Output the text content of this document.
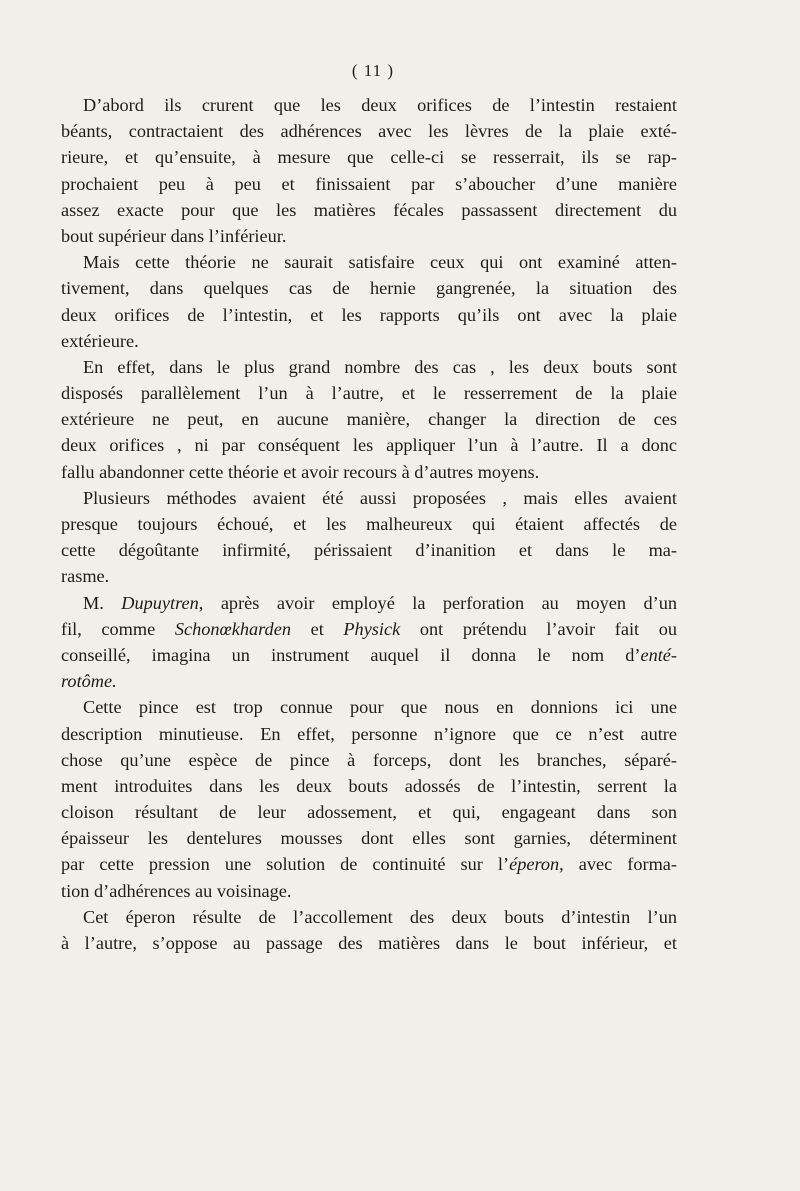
( 11 )
D’abord ils crurent que les deux orifices de l’intestin restaient
béants, contractaient des adhérences avec les lèvres de la plaie exté-
rieure, et qu’ensuite, à mesure que celle-ci se resserrait, ils se rap-
prochaient peu à peu et finissaient par s’aboucher d’une manière
assez exacte pour que les matières fécales passassent directement du
bout supérieur dans l’inférieur.
Mais cette théorie ne saurait satisfaire ceux qui ont examiné atten-
tivement, dans quelques cas de hernie gangrenée, la situation des
deux orifices de l’intestin, et les rapports qu’ils ont avec la plaie
extérieure.
En effet, dans le plus grand nombre des cas , les deux bouts sont
disposés parallèlement l’un à l’autre, et le resserrement de la plaie
extérieure ne peut, en aucune manière, changer la direction de ces
deux orifices , ni par conséquent les appliquer l’un à l’autre. Il a donc
fallu abandonner cette théorie et avoir recours à d’autres moyens.
Plusieurs méthodes avaient été aussi proposées , mais elles avaient
presque toujours échoué, et les malheureux qui étaient affectés de
cette dégoûtante infirmité, périssaient d’inanition et dans le ma-
rasme.
M. Dupuytren, après avoir employé la perforation au moyen d’un
fil, comme Schonœkharden et Physick ont prétendu l’avoir fait ou
conseillé, imagina un instrument auquel il donna le nom d’enté-
rotôme.
Cette pince est trop connue pour que nous en donnions ici une
description minutieuse. En effet, personne n’ignore que ce n’est autre
chose qu’une espèce de pince à forceps, dont les branches, séparé-
ment introduites dans les deux bouts adossés de l’intestin, serrent la
cloison résultant de leur adossement, et qui, engageant dans son
épaisseur les dentelures mousses dont elles sont garnies, déterminent
par cette pression une solution de continuité sur l’éperon, avec forma-
tion d’adhérences au voisinage.
Cet éperon résulte de l’accollement des deux bouts d’intestin l’un
à l’autre, s’oppose au passage des matières dans le bout inférieur, et
